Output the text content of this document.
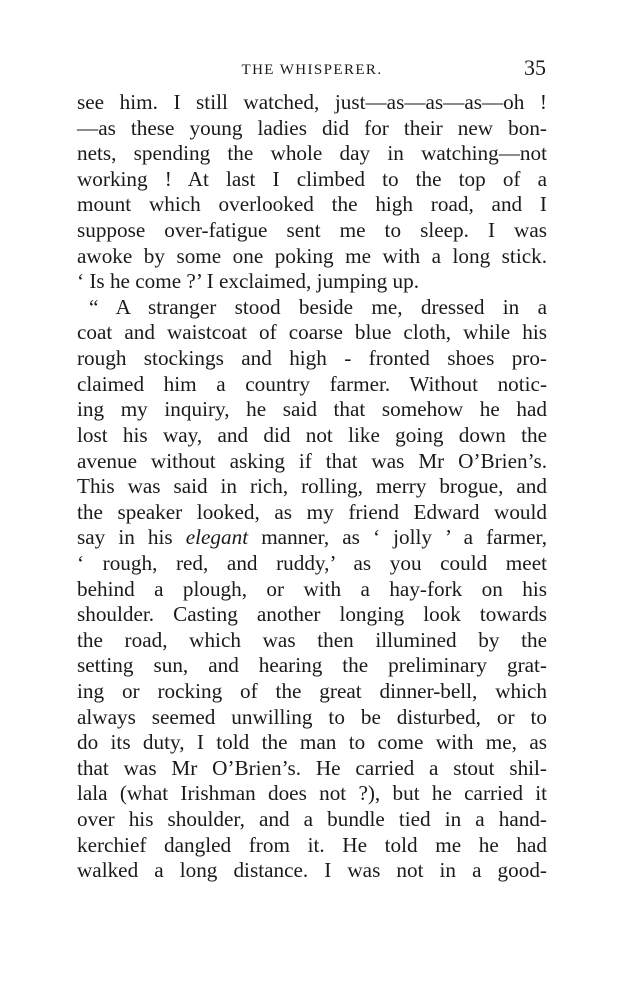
THE WHISPERER.	35
see him. I still watched, just—as—as—as—oh !
—as these young ladies did for their new bon-
nets, spending the whole day in watching—not
working ! At last I climbed to the top of a
mount which overlooked the high road, and I
suppose over-fatigue sent me to sleep. I was
awoke by some one poking me with a long stick.
‘ Is he come ?’ I exclaimed, jumping up.
“ A stranger stood beside me, dressed in a
coat and waistcoat of coarse blue cloth, while his
rough stockings and high - fronted shoes pro-
claimed him a country farmer. Without notic-
ing my inquiry, he said that somehow he had
lost his way, and did not like going down the
avenue without asking if that was Mr O’Brien’s.
This was said in rich, rolling, merry brogue, and
the speaker looked, as my friend Edward would
say in his elegant manner, as ‘ jolly ’ a farmer,
‘ rough, red, and ruddy,’ as you could meet
behind a plough, or with a hay-fork on his
shoulder. Casting another longing look towards
the road, which was then illumined by the
setting sun, and hearing the preliminary grat-
ing or rocking of the great dinner-bell, which
always seemed unwilling to be disturbed, or to
do its duty, I told the man to come with me, as
that was Mr O’Brien’s. He carried a stout shil-
lala (what Irishman does not ?), but he carried it
over his shoulder, and a bundle tied in a hand-
kerchief dangled from it. He told me he had
walked a long distance. I was not in a good-
